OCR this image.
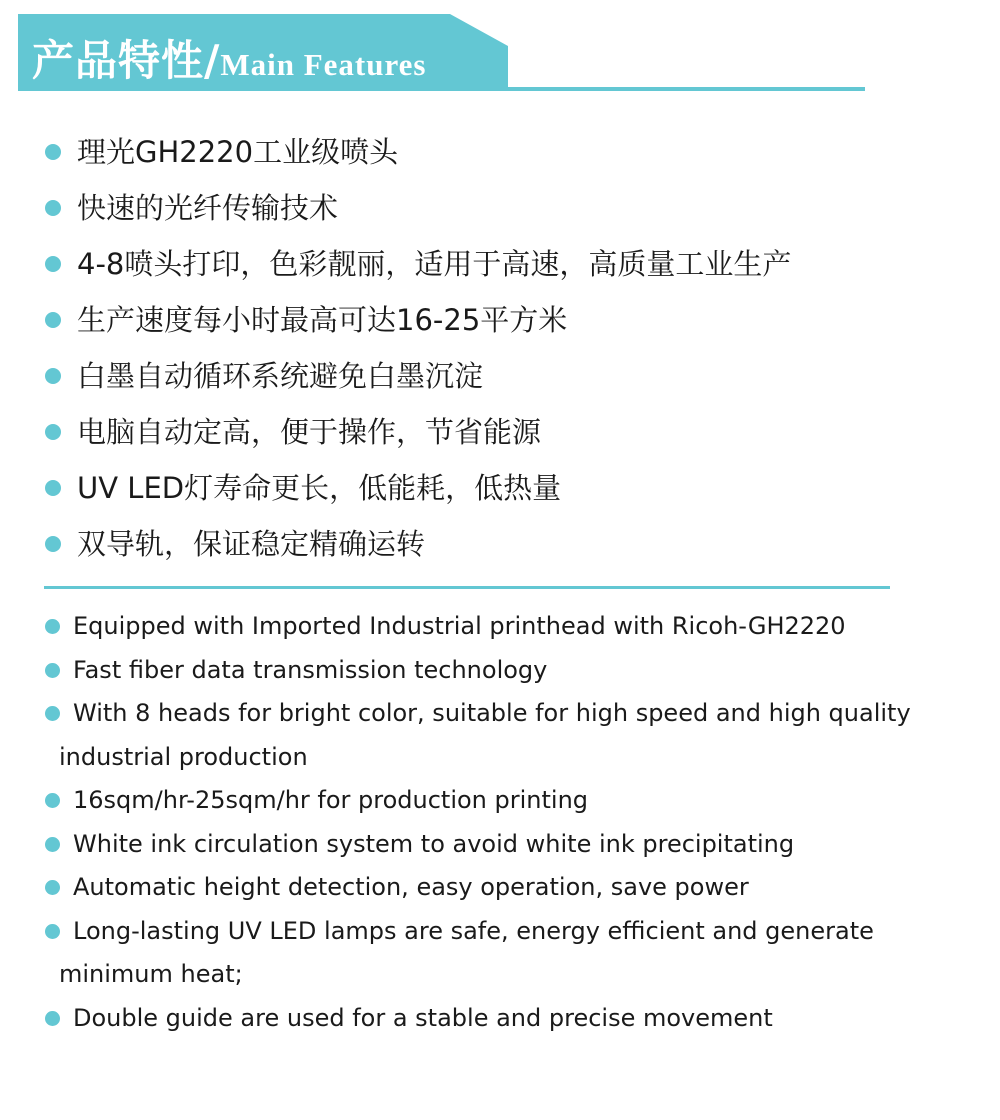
产品特性/ Main Features
理光GH2220工业级喷头
快速的光纤传输技术
4-8喷头打印，色彩靓丽，适用于高速，高质量工业生产
生产速度每小时最高可达16-25平方米
白墨自动循环系统避免白墨沉淀
电脑自动定高，便于操作，节省能源
UV LED灯寿命更长，低能耗，低热量
双导轨，保证稳定精确运转
Equipped with Imported Industrial printhead with Ricoh-GH2220
Fast fiber data transmission technology
With 8 heads for bright color, suitable for high speed and high quality
industrial production
16sqm/hr-25sqm/hr for production printing
White ink circulation system to avoid white ink precipitating
Automatic height detection, easy operation, save power
Long-lasting UV LED lamps are safe, energy efficient and generate
minimum heat;
Double guide are used for a stable and precise movement
